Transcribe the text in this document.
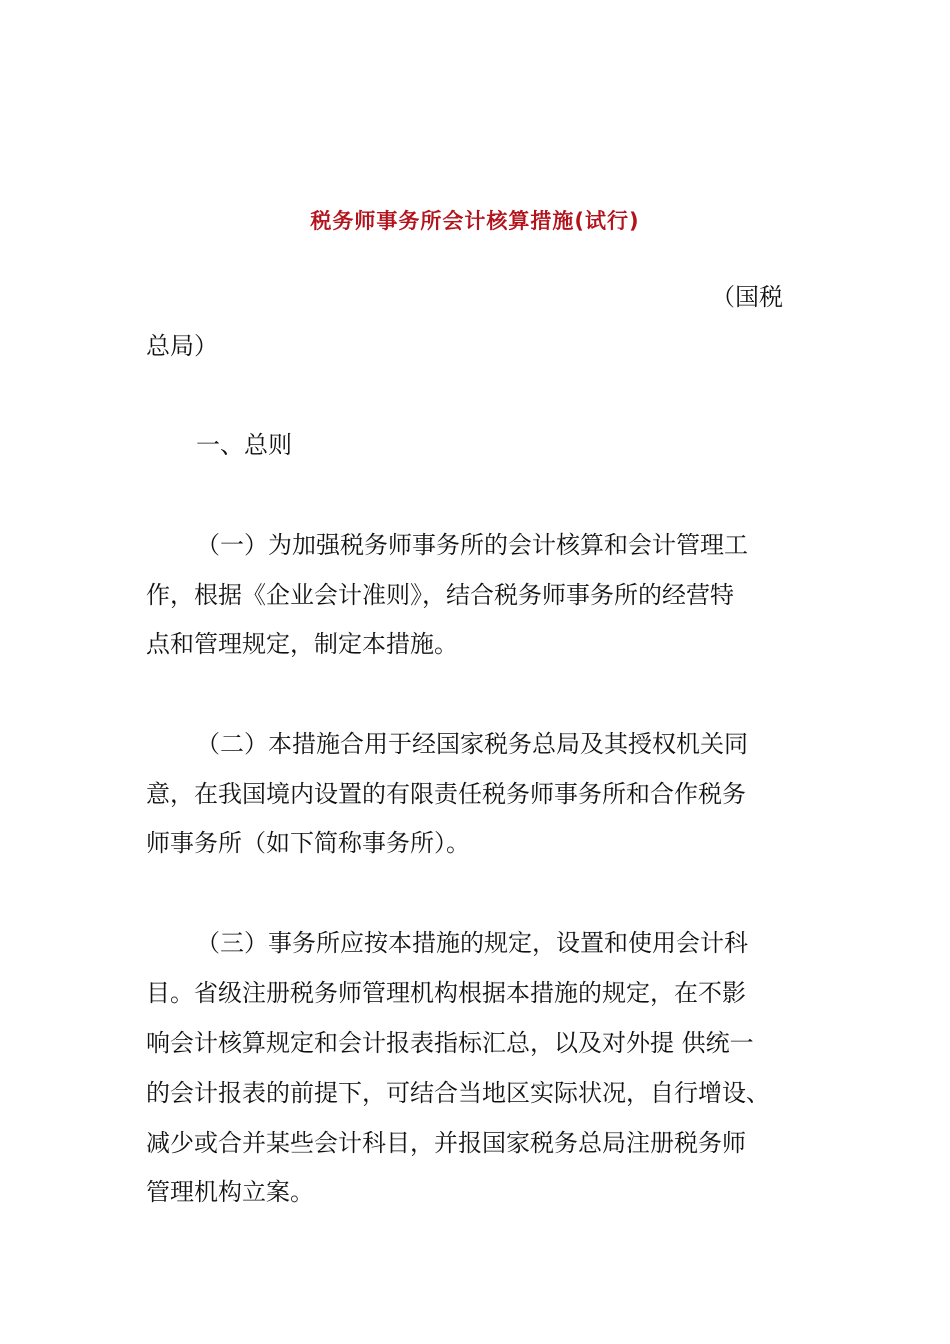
税务师事务所会计核算措施(试行)
（国税
总局）
一、总则
（一）为加强税务师事务所的会计核算和会计管理工
作，根据《企业会计准则》，结合税务师事务所的经营特
点和管理规定，制定本措施。
（二）本措施合用于经国家税务总局及其授权机关同
意，在我国境内设置的有限责任税务师事务所和合作税务
师事务所（如下简称事务所）。
（三）事务所应按本措施的规定，设置和使用会计科
目。省级注册税务师管理机构根据本措施的规定，在不影
响会计核算规定和会计报表指标汇总，以及对外提 供统一
的会计报表的前提下，可结合当地区实际状况，自行增设、
减少或合并某些会计科目，并报国家税务总局注册税务师
管理机构立案。
